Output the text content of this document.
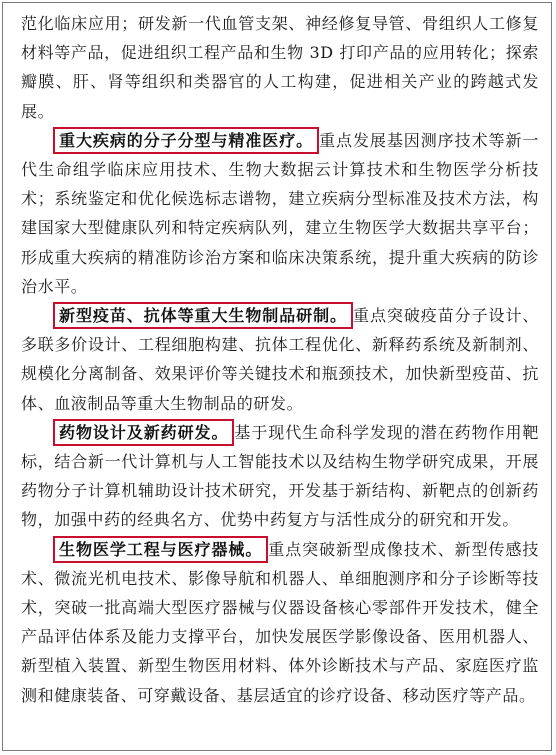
范化临床应用；研发新一代血管支架、神经修复导管、骨组织人工修复材料等产品，促进组织工程产品和生物 3D 打印产品的应用转化；探索瓣膜、肝、肾等组织和类器官的人工构建，促进相关产业的跨越式发展。

重大疾病的分子分型与精准医疗。 重点发展基因测序技术等新一代生命组学临床应用技术、生物大数据云计算技术和生物医学分析技术；系统鉴定和优化候选标志谱物，建立疾病分型标准及技术方法，构建国家大型健康队列和特定疾病队列，建立生物医学大数据共享平台；形成重大疾病的精准防诊治方案和临床决策系统，提升重大疾病的防诊治水平。

新型疫苗、抗体等重大生物制品研制。 重点突破疫苗分子设计、多联多价设计、工程细胞构建、抗体工程优化、新释药系统及新制剂、规模化分离制备、效果评价等关键技术和瓶颈技术，加快新型疫苗、抗体、血液制品等重大生物制品的研发。

药物设计及新药研发。 基于现代生命科学发现的潜在药物作用靶标，结合新一代计算机与人工智能技术以及结构生物学研究成果，开展药物分子计算机辅助设计技术研究，开发基于新结构、新靶点的创新药物，加强中药的经典名方、优势中药复方与活性成分的研究和开发。

生物医学工程与医疗器械。 重点突破新型成像技术、新型传感技术、微流光机电技术、影像导航和机器人、单细胞测序和分子诊断等技术，突破一批高端大型医疗器械与仪器设备核心零部件开发技术，健全产品评估体系及能力支撑平台，加快发展医学影像设备、医用机器人、新型植入装置、新型生物医用材料、体外诊断技术与产品、家庭医疗监测和健康装备、可穿戴设备、基层适宜的诊疗设备、移动医疗等产品。
